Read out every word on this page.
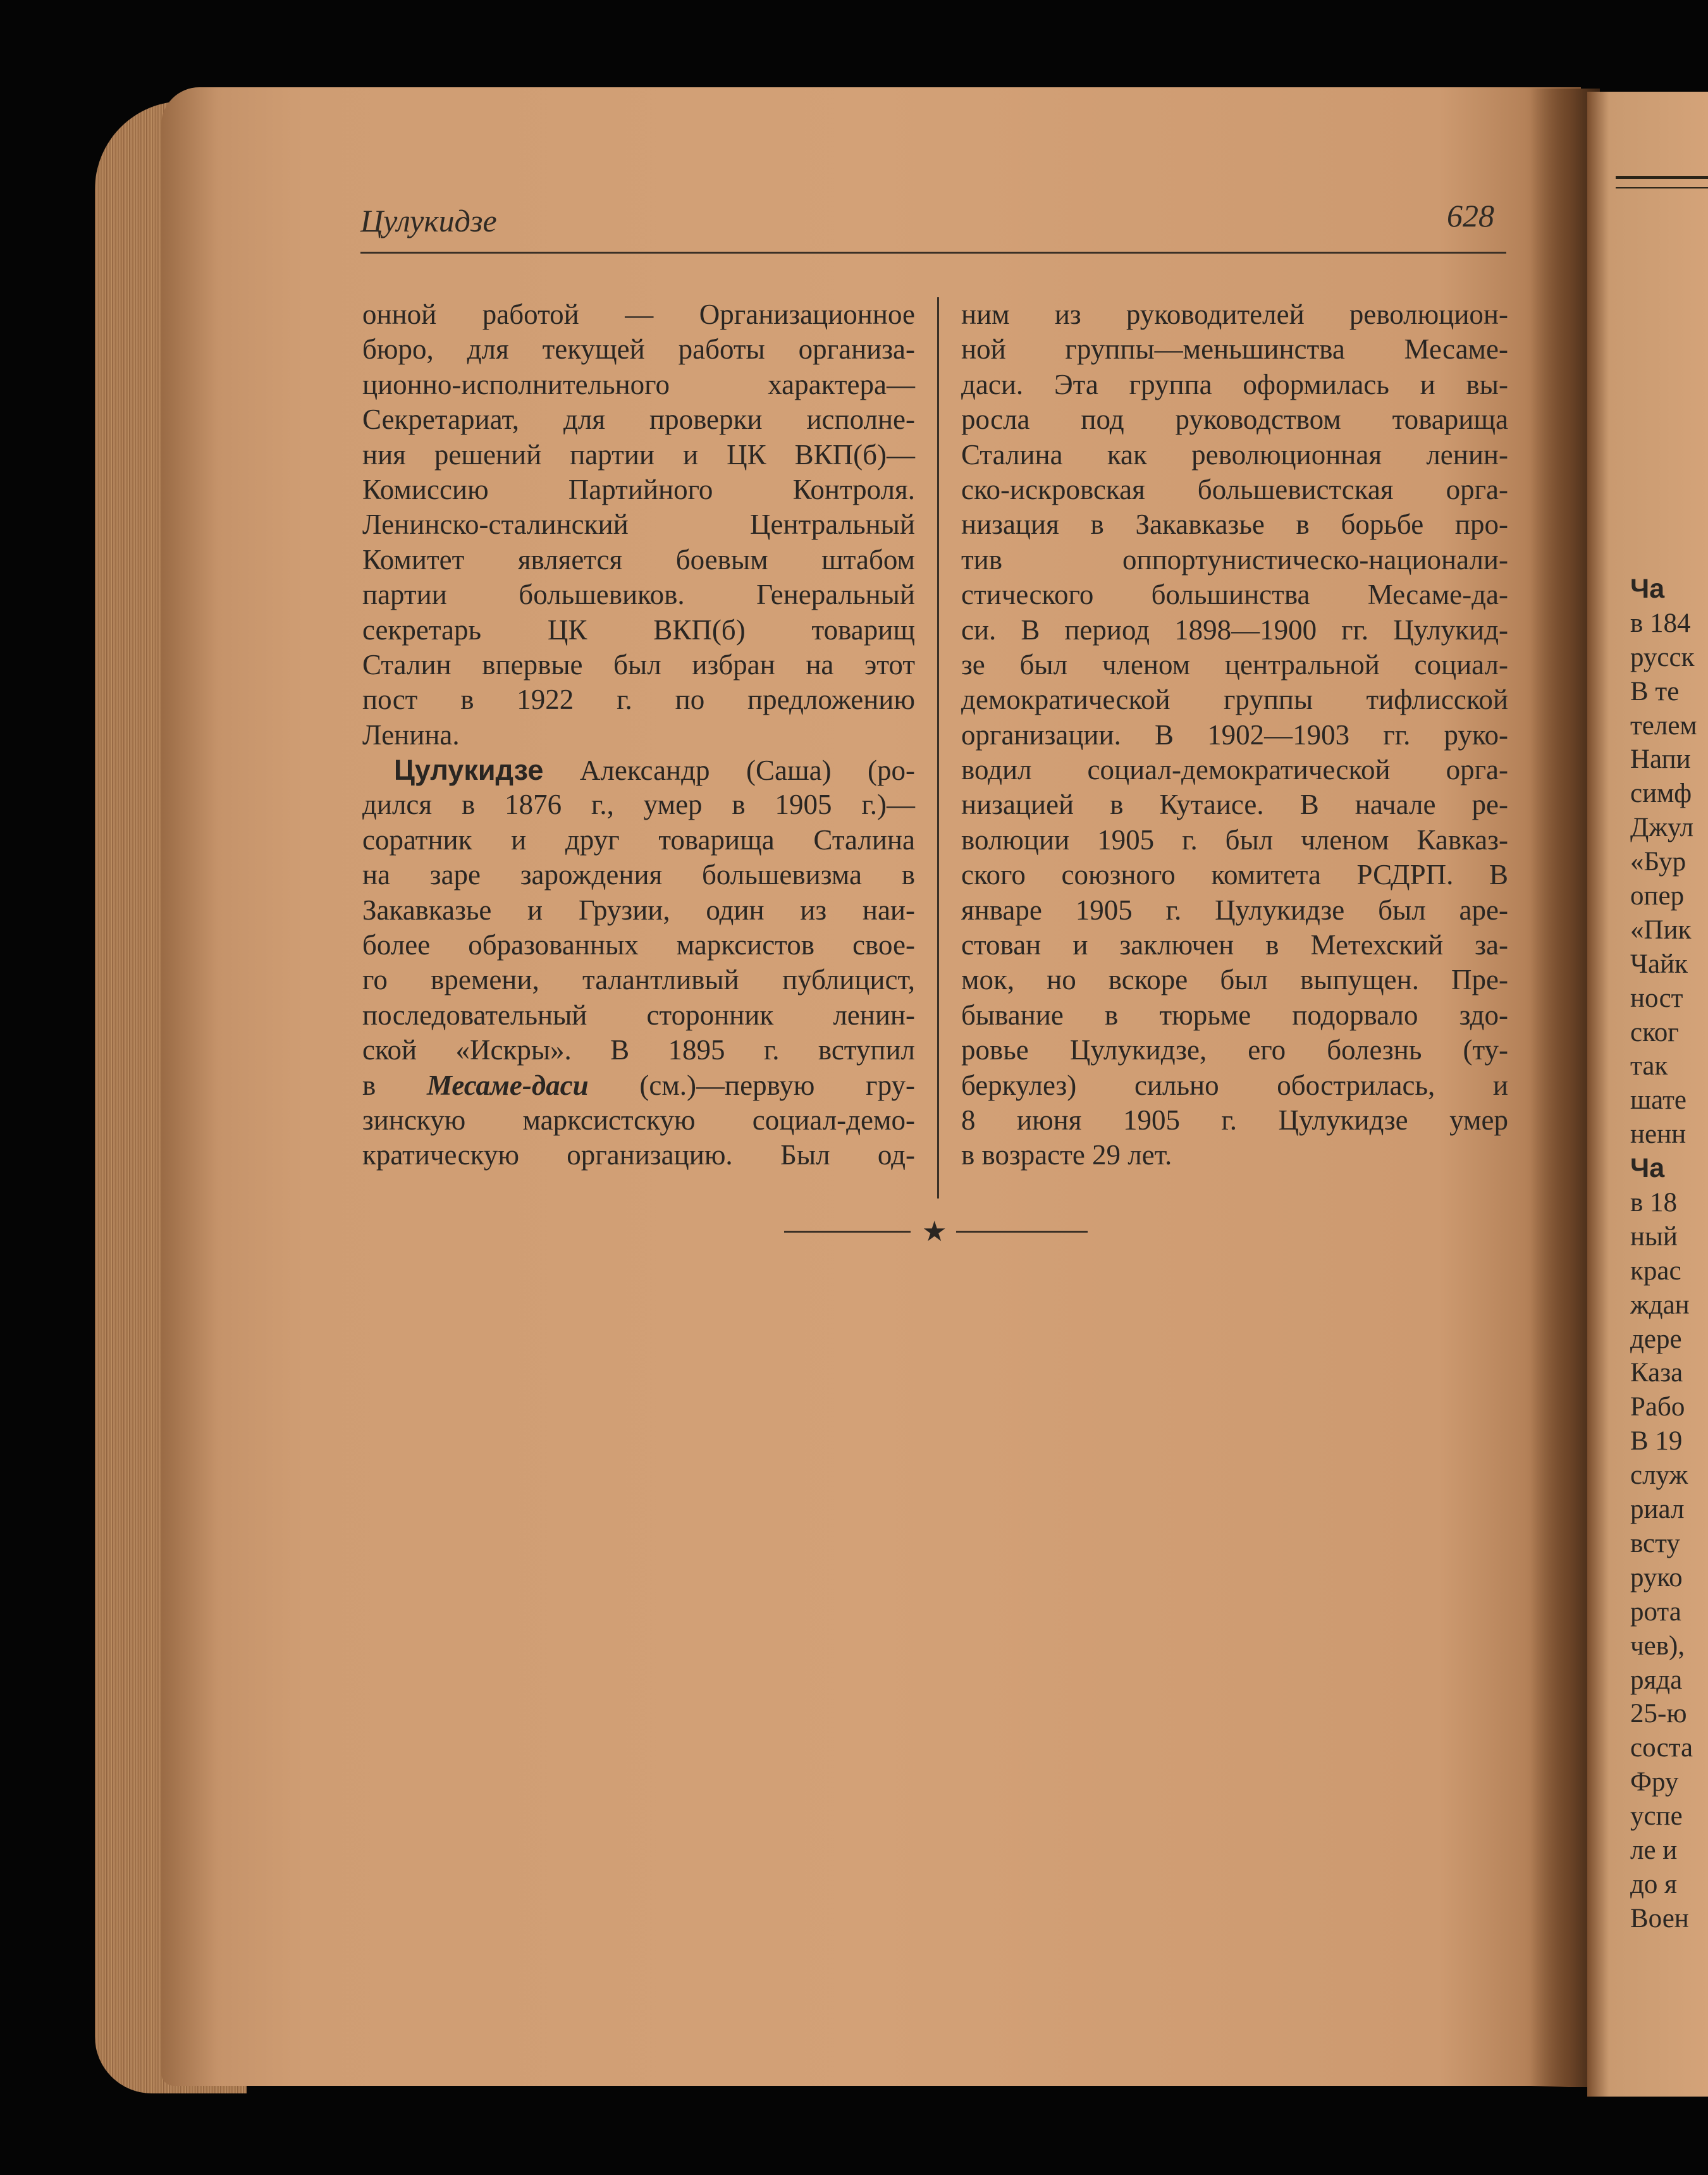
Цулукидзе	628
онной работой — Организационное
бюро, для текущей работы организа-
ционно-исполнительного характера—
Секретариат, для проверки исполне-
ния решений партии и ЦК ВКП(б)—
Комиссию Партийного Контроля.
Ленинско-сталинский Центральный
Комитет является боевым штабом
партии большевиков. Генеральный
секретарь ЦК ВКП(б) товарищ
Сталин впервые был избран на этот
пост в 1922 г. по предложению
Ленина.
Цулукидзе Александр (Саша) (ро-
дился в 1876 г., умер в 1905 г.)—
соратник и друг товарища Сталина
на заре зарождения большевизма в
Закавказье и Грузии, один из наи-
более образованных марксистов свое-
го времени, талантливый публицист,
последовательный сторонник ленин-
ской «Искры». В 1895 г. вступил
в Месаме-даси (см.)—первую гру-
зинскую марксистскую социал-демо-
кратическую организацию. Был од-
ним из руководителей революцион-
ной группы—меньшинства Месаме-
даси. Эта группа оформилась и вы-
росла под руководством товарища
Сталина как революционная ленин-
ско-искровская большевистская орга-
низация в Закавказье в борьбе про-
тив оппортунистическо-национали-
стического большинства Месаме-да-
си. В период 1898—1900 гг. Цулукид-
зе был членом центральной социал-
демократической группы тифлисской
организации. В 1902—1903 гг. руко-
водил социал-демократической орга-
низацией в Кутаисе. В начале ре-
волюции 1905 г. был членом Кавказ-
ского союзного комитета РСДРП. В
январе 1905 г. Цулукидзе был аре-
стован и заключен в Метехский за-
мок, но вскоре был выпущен. Пре-
бывание в тюрьме подорвало здо-
ровье Цулукидзе, его болезнь (ту-
беркулез) сильно обострилась, и
8 июня 1905 г. Цулукидзе умер
в возрасте 29 лет.
★
Ча
в 184
русск
В те
телем
Напи
симф
Джул
«Бур
опер
«Пик
Чайк
ност
ског
так
шате
ненн
Ча
в 18
ный
крас
ждан
дере
Каза
Рабо
В 19
служ
риал
всту
руко
рота
чев),
ряда
25-ю
соста
Фру
успе
ле и
до я
Воен
